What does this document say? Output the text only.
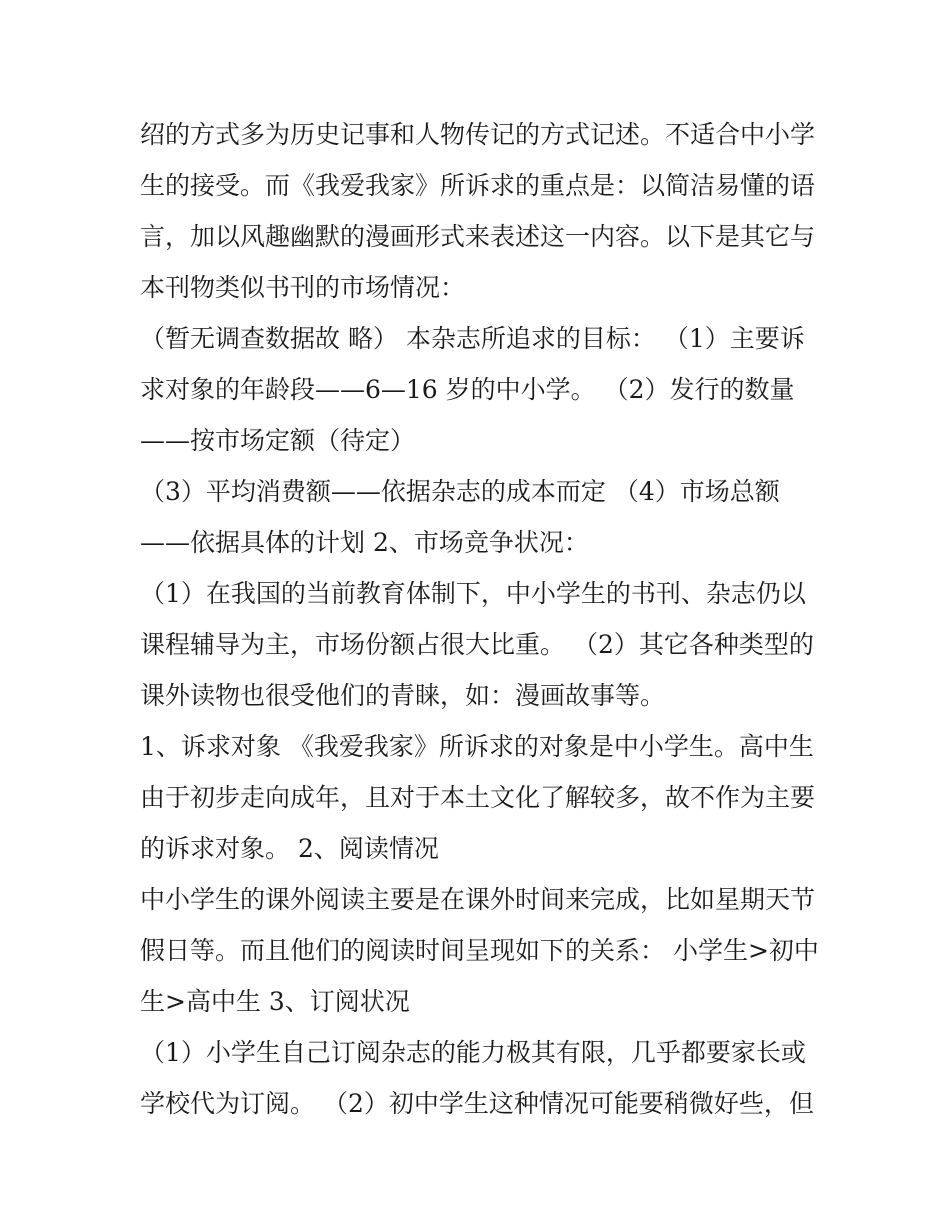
绍的方式多为历史记事和人物传记的方式记述。不适合中小学
生的接受。而《我爱我家》所诉求的重点是：以简洁易懂的语
言，加以风趣幽默的漫画形式来表述这一内容。以下是其它与
本刊物类似书刊的市场情况：
（暂无调查数据故 略） 本杂志所追求的目标： （1）主要诉
求对象的年龄段——6—16 岁的中小学。 （2）发行的数量
——按市场定额（待定）
（3）平均消费额——依据杂志的成本而定 （4）市场总额
——依据具体的计划 2、市场竞争状况：
（1）在我国的当前教育体制下，中小学生的书刊、杂志仍以
课程辅导为主，市场份额占很大比重。 （2）其它各种类型的
课外读物也很受他们的青睐，如：漫画故事等。
1、诉求对象 《我爱我家》所诉求的对象是中小学生。高中生
由于初步走向成年，且对于本土文化了解较多，故不作为主要
的诉求对象。 2、阅读情况
中小学生的课外阅读主要是在课外时间来完成，比如星期天节
假日等。而且他们的阅读时间呈现如下的关系： 小学生>初中
生>高中生 3、订阅状况
（1）小学生自己订阅杂志的能力极其有限，几乎都要家长或
学校代为订阅。 （2）初中学生这种情况可能要稍微好些，但
